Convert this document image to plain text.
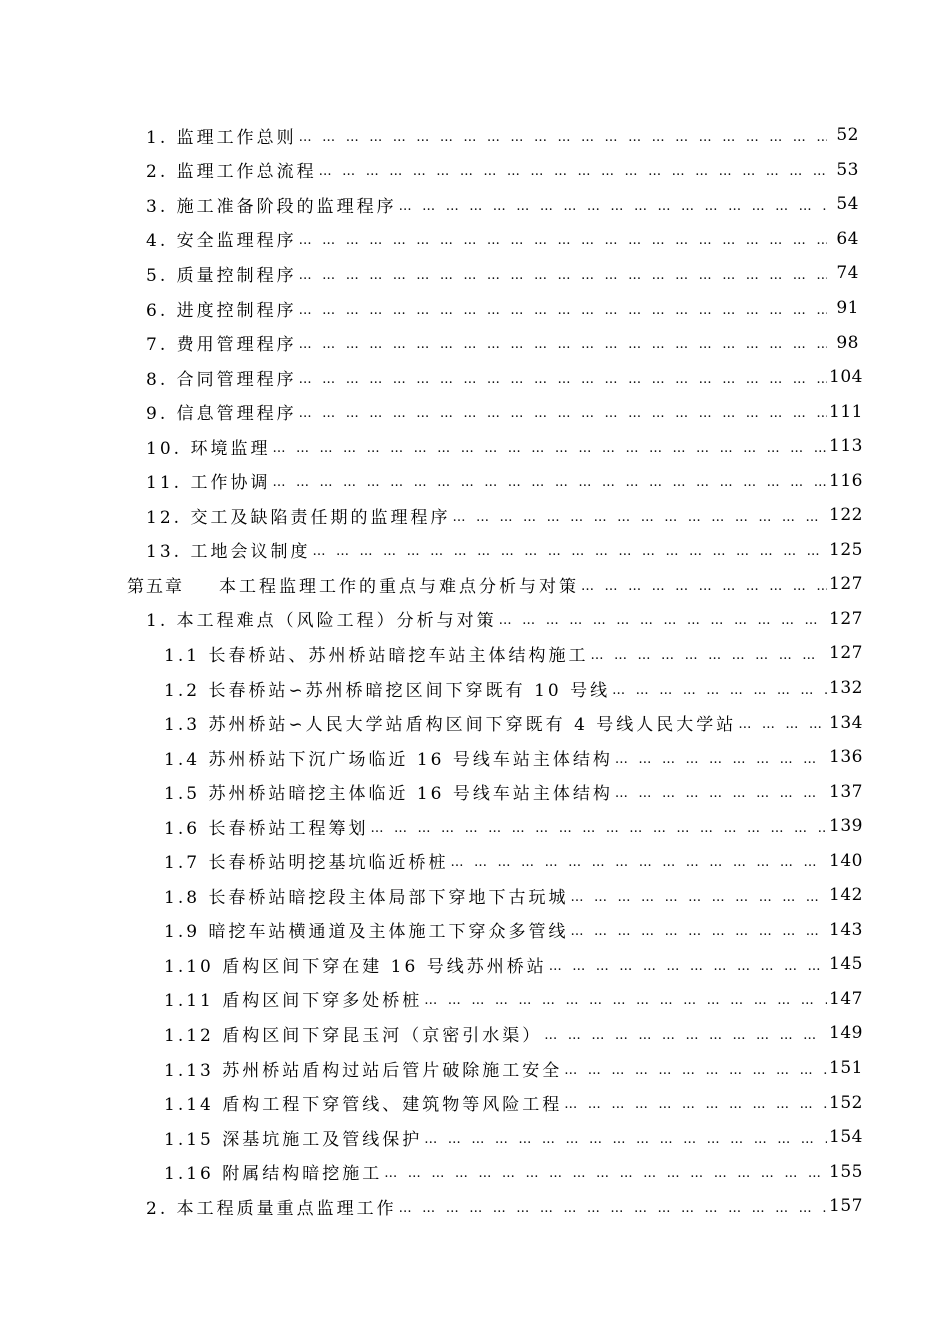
1. 监理工作总则 … … … … … … … … … … … … … … … … … … … … … … … … … … … … … … … … … … … … … … … … … … … … … … … … … … … … … … … … … …	52
2. 监理工作总流程 … … … … … … … … … … … … … … … … … … … … … … … … … … … … … … … … … … … … … … … … … … … … … … … … … … … … … … … … … …	53
3. 施工准备阶段的监理程序 … … … … … … … … … … … … … … … … … … … … … … … … … … … … … … … … … … … … … … … … … … … … … … … … … … … … … … … … … …	54
4. 安全监理程序 … … … … … … … … … … … … … … … … … … … … … … … … … … … … … … … … … … … … … … … … … … … … … … … … … … … … … … … … … …	64
5. 质量控制程序 … … … … … … … … … … … … … … … … … … … … … … … … … … … … … … … … … … … … … … … … … … … … … … … … … … … … … … … … … …	74
6. 进度控制程序 … … … … … … … … … … … … … … … … … … … … … … … … … … … … … … … … … … … … … … … … … … … … … … … … … … … … … … … … … …	91
7. 费用管理程序 … … … … … … … … … … … … … … … … … … … … … … … … … … … … … … … … … … … … … … … … … … … … … … … … … … … … … … … … … …	98
8. 合同管理程序 … … … … … … … … … … … … … … … … … … … … … … … … … … … … … … … … … … … … … … … … … … … … … … … … … … … … … … … … … …	104
9. 信息管理程序 … … … … … … … … … … … … … … … … … … … … … … … … … … … … … … … … … … … … … … … … … … … … … … … … … … … … … … … … … …	111
10. 环境监理 … … … … … … … … … … … … … … … … … … … … … … … … … … … … … … … … … … … … … … … … … … … … … … … … … … … … … … … … … …	113
11. 工作协调 … … … … … … … … … … … … … … … … … … … … … … … … … … … … … … … … … … … … … … … … … … … … … … … … … … … … … … … … … …	116
12. 交工及缺陷责任期的监理程序 … … … … … … … … … … … … … … … … … … … … … … … … … … … … … … … … … … … … … … … … … … … … … … … … … … … … … … … … … …	122
13. 工地会议制度 … … … … … … … … … … … … … … … … … … … … … … … … … … … … … … … … … … … … … … … … … … … … … … … … … … … … … … … … … …	125
第五章 本工程监理工作的重点与难点分析与对策 … … … … … … … … … … … … … … … … … … … … … … … … … … … … … … … … … … … … … … … … … … … … … … … … … … … … … … … … … …	127
1. 本工程难点（风险工程）分析与对策 … … … … … … … … … … … … … … … … … … … … … … … … … … … … … … … … … … … … … … … … … … … … … … … … … … … … … … … … … …	127
1.1 长春桥站、苏州桥站暗挖车站主体结构施工 … … … … … … … … … … … … … … … … … … … … … … … … … … … … … … … … … … … … … … … … … … … … … … … … … … … … … … … … … …	127
1.2 长春桥站∽苏州桥暗挖区间下穿既有 10 号线 … … … … … … … … … … … … … … … … … … … … … … … … … … … … … … … … … … … … … … … … … … … … … … … … … … … … … … … … … …	132
1.3 苏州桥站∽人民大学站盾构区间下穿既有 4 号线人民大学站 … … … … … … … … … … … … … … … … … … … … … … … … … … … … … … … … … … … … … … … … … … … … … … … … … … … … … … … … … …	134
1.4 苏州桥站下沉广场临近 16 号线车站主体结构 … … … … … … … … … … … … … … … … … … … … … … … … … … … … … … … … … … … … … … … … … … … … … … … … … … … … … … … … … …	136
1.5 苏州桥站暗挖主体临近 16 号线车站主体结构 … … … … … … … … … … … … … … … … … … … … … … … … … … … … … … … … … … … … … … … … … … … … … … … … … … … … … … … … … …	137
1.6 长春桥站工程筹划 … … … … … … … … … … … … … … … … … … … … … … … … … … … … … … … … … … … … … … … … … … … … … … … … … … … … … … … … … …	139
1.7 长春桥站明挖基坑临近桥桩 … … … … … … … … … … … … … … … … … … … … … … … … … … … … … … … … … … … … … … … … … … … … … … … … … … … … … … … … … …	140
1.8 长春桥站暗挖段主体局部下穿地下古玩城 … … … … … … … … … … … … … … … … … … … … … … … … … … … … … … … … … … … … … … … … … … … … … … … … … … … … … … … … … …	142
1.9 暗挖车站横通道及主体施工下穿众多管线 … … … … … … … … … … … … … … … … … … … … … … … … … … … … … … … … … … … … … … … … … … … … … … … … … … … … … … … … … …	143
1.10 盾构区间下穿在建 16 号线苏州桥站 … … … … … … … … … … … … … … … … … … … … … … … … … … … … … … … … … … … … … … … … … … … … … … … … … … … … … … … … … …	145
1.11 盾构区间下穿多处桥桩 … … … … … … … … … … … … … … … … … … … … … … … … … … … … … … … … … … … … … … … … … … … … … … … … … … … … … … … … … …	147
1.12 盾构区间下穿昆玉河（京密引水渠） … … … … … … … … … … … … … … … … … … … … … … … … … … … … … … … … … … … … … … … … … … … … … … … … … … … … … … … … … …	149
1.13 苏州桥站盾构过站后管片破除施工安全 … … … … … … … … … … … … … … … … … … … … … … … … … … … … … … … … … … … … … … … … … … … … … … … … … … … … … … … … … …	151
1.14 盾构工程下穿管线、建筑物等风险工程 … … … … … … … … … … … … … … … … … … … … … … … … … … … … … … … … … … … … … … … … … … … … … … … … … … … … … … … … … …	152
1.15 深基坑施工及管线保护 … … … … … … … … … … … … … … … … … … … … … … … … … … … … … … … … … … … … … … … … … … … … … … … … … … … … … … … … … …	154
1.16 附属结构暗挖施工 … … … … … … … … … … … … … … … … … … … … … … … … … … … … … … … … … … … … … … … … … … … … … … … … … … … … … … … … … …	155
2. 本工程质量重点监理工作 … … … … … … … … … … … … … … … … … … … … … … … … … … … … … … … … … … … … … … … … … … … … … … … … … … … … … … … … … …	157
